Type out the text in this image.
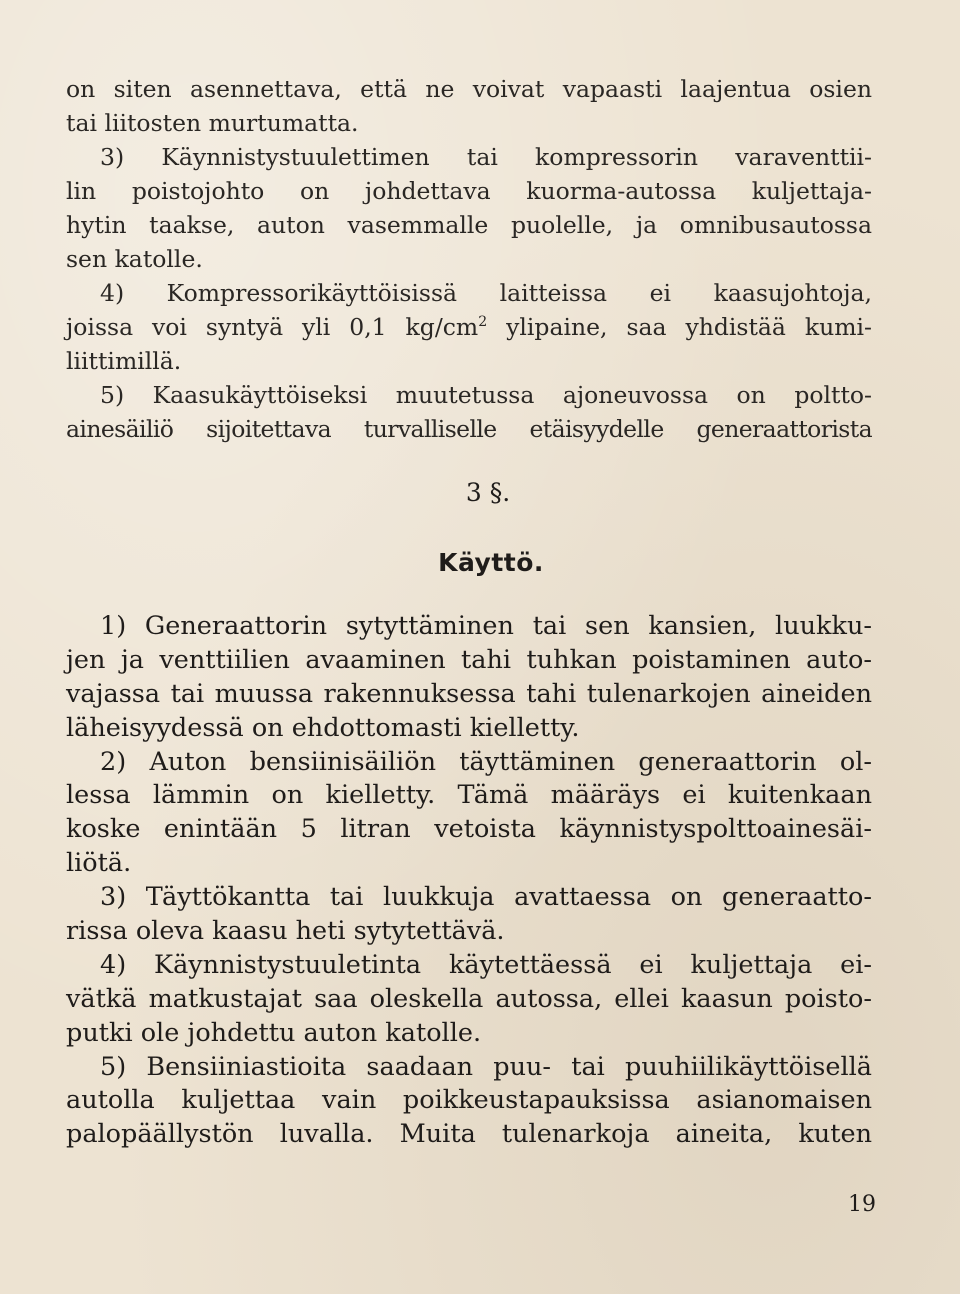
on siten asennettava, että ne voivat vapaasti laajentua osien
tai liitosten murtumatta.
3) Käynnistystuulettimen tai kompressorin varaventtii-
lin poistojohto on johdettava kuorma-autossa kuljettaja-
hytin taakse, auton vasemmalle puolelle, ja omnibusautossa
sen katolle.
4) Kompressorikäyttöisissä laitteissa ei kaasujohtoja,
joissa voi syntyä yli 0,1 $kg/cm^2$ ylipaine, saa yhdistää kumi-
liittimillä.
5) Kaasukäyttöiseksi muutetussa ajoneuvossa on poltto-
ainesäiliö sijoitettava turvalliselle etäisyydelle generaattorista
3 §.
Käyttö.
1) Generaattorin sytyttäminen tai sen kansien, luukku-
jen ja venttiilien avaaminen tahi tuhkan poistaminen auto-
vajassa tai muussa rakennuksessa tahi tulenarkojen aineiden
läheisyydessä on ehdottomasti kielletty.
2) Auton bensiinisäiliön täyttäminen generaattorin ol-
lessa lämmin on kielletty. Tämä määräys ei kuitenkaan
koske enintään 5 litran vetoista käynnistyspolttoainesäi-
liötä.
3) Täyttökantta tai luukkuja avattaessa on generaatto-
rissa oleva kaasu heti sytytettävä.
4) Käynnistystuuletinta käytettäessä ei kuljettaja ei-
vätkä matkustajat saa oleskella autossa, ellei kaasun poisto-
putki ole johdettu auton katolle.
5) Bensiiniastioita saadaan puu- tai puuhiilikäyttöisellä
autolla kuljettaa vain poikkeustapauksissa asianomaisen
palopäällystön luvalla. Muita tulenarkoja aineita, kuten
19
